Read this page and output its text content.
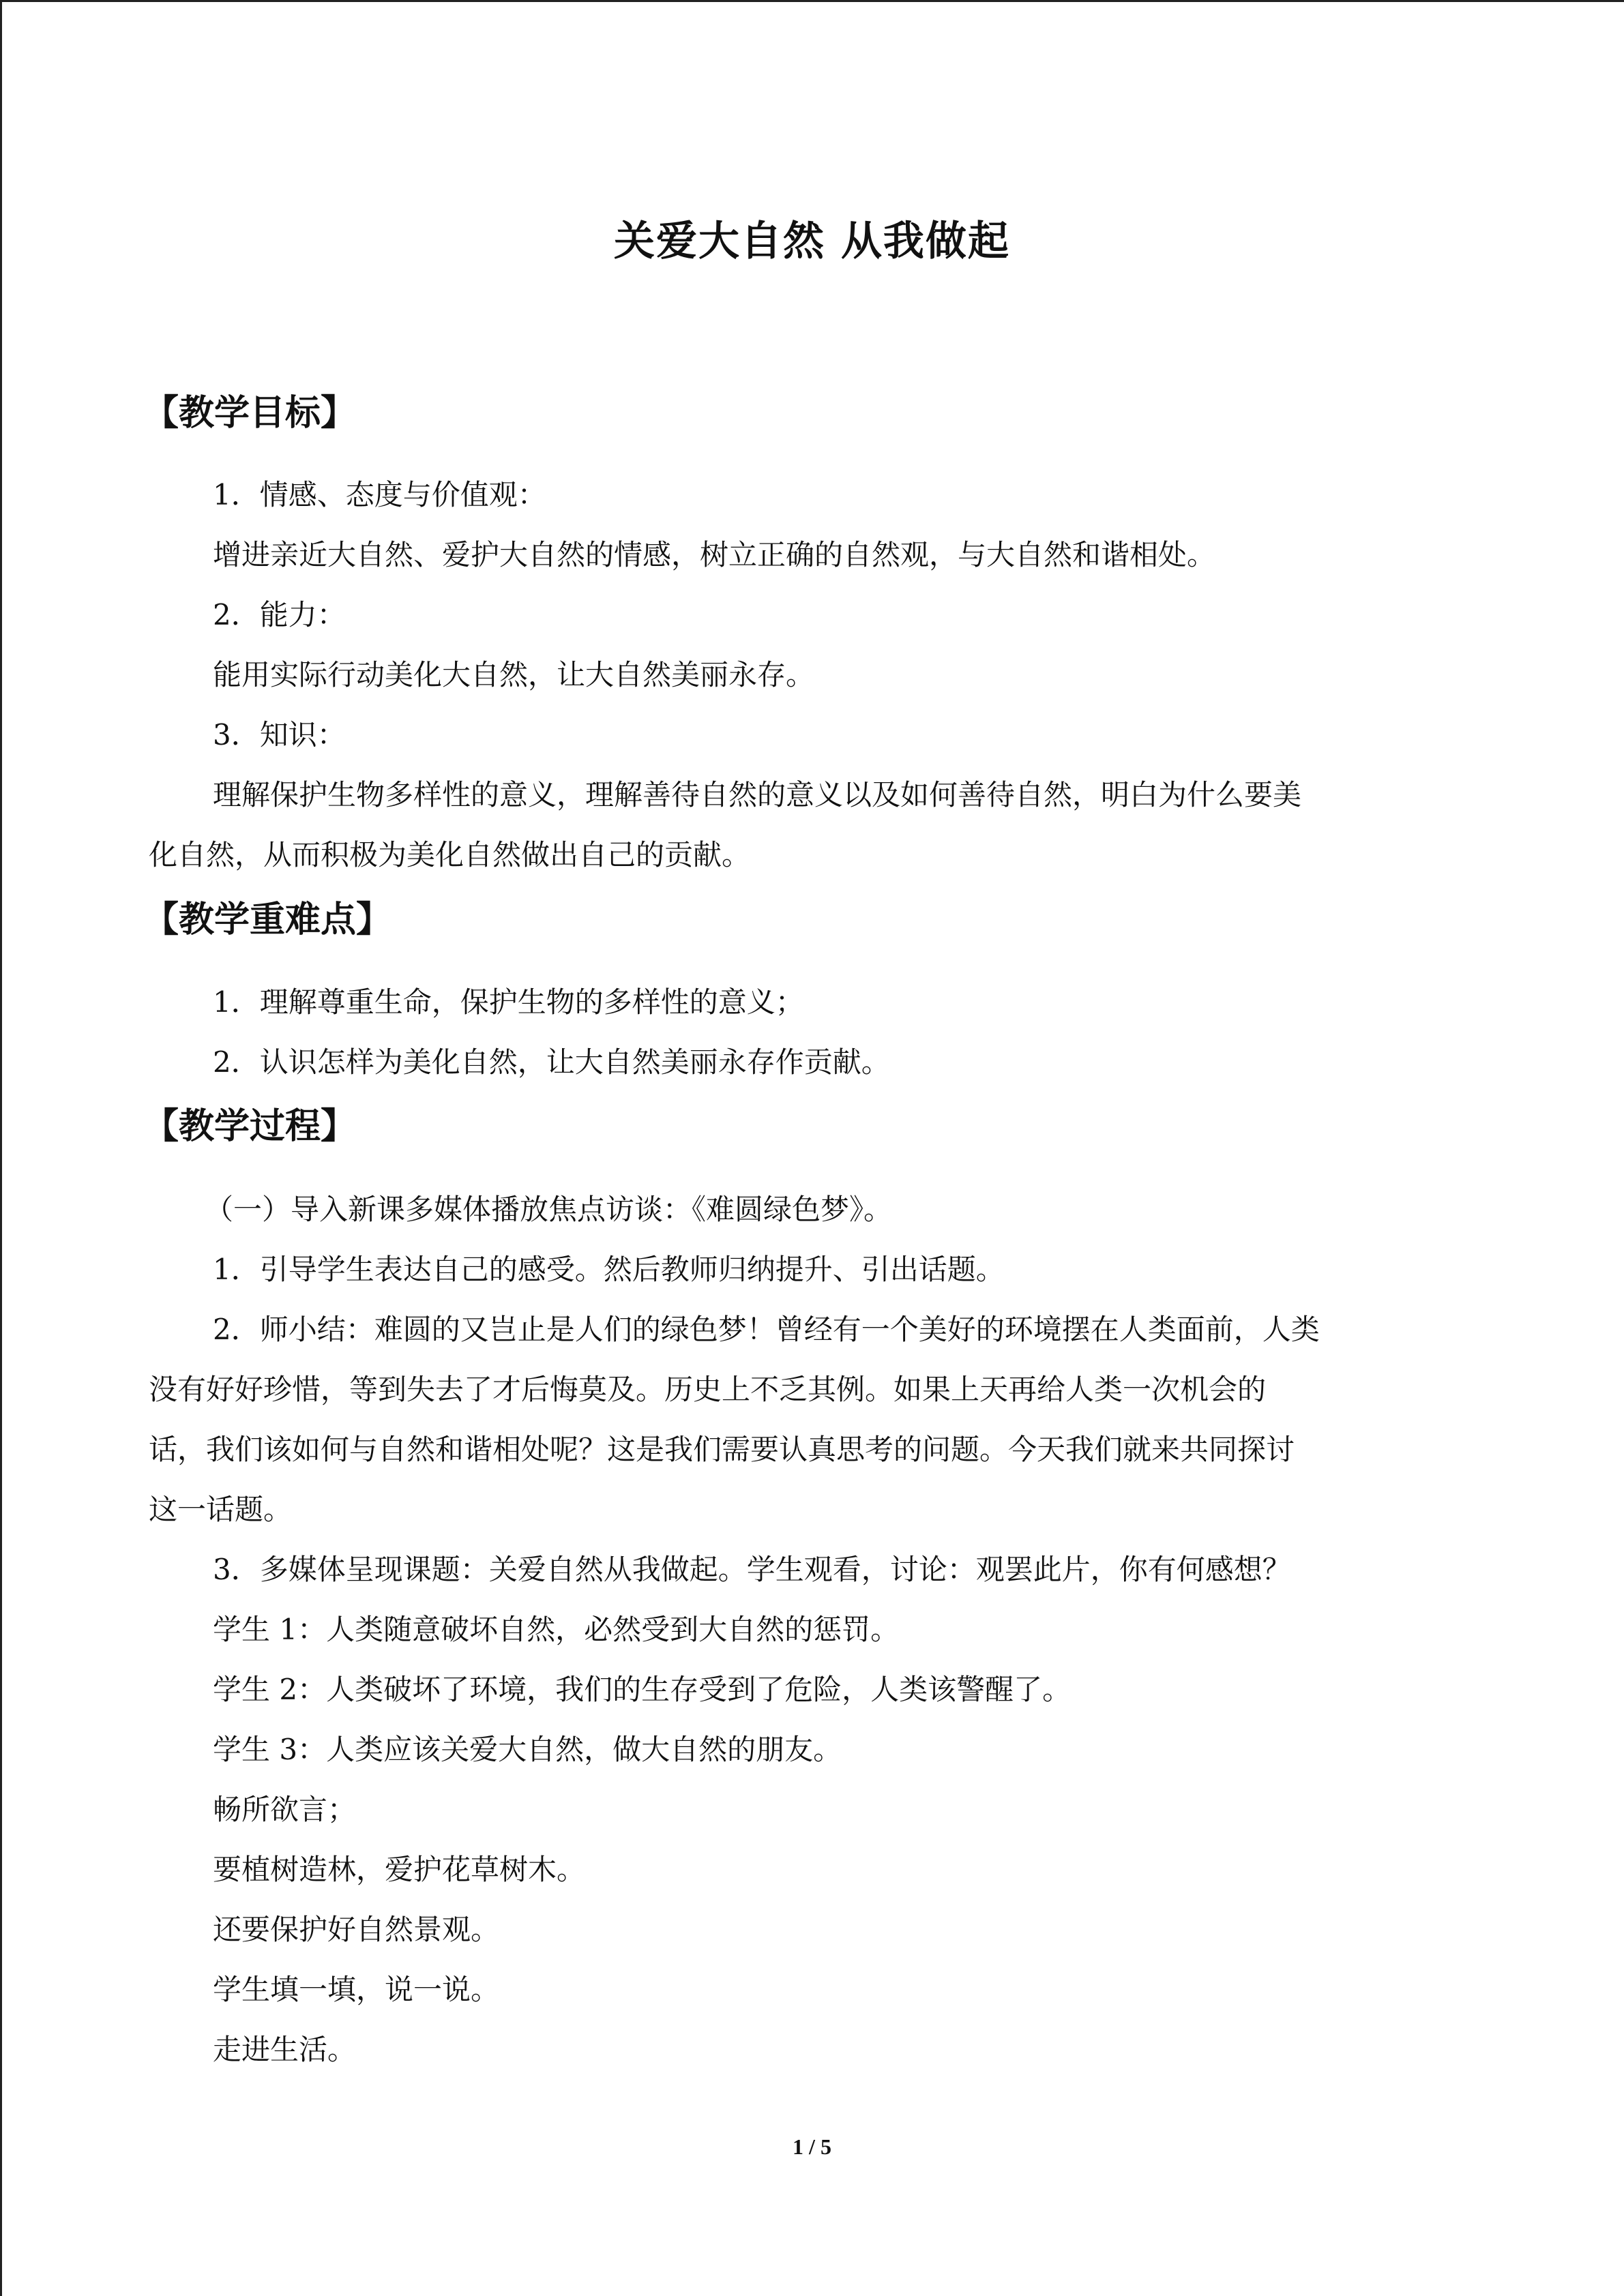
关爱大自然 从我做起
【教学目标】
1．情感、态度与价值观：
增进亲近大自然、爱护大自然的情感，树立正确的自然观，与大自然和谐相处。
2．能力：
能用实际行动美化大自然，让大自然美丽永存。
3．知识：
理解保护生物多样性的意义，理解善待自然的意义以及如何善待自然，明白为什么要美
化自然，从而积极为美化自然做出自己的贡献。
【教学重难点】
1．理解尊重生命，保护生物的多样性的意义；
2．认识怎样为美化自然，让大自然美丽永存作贡献。
【教学过程】
（一）导入新课多媒体播放焦点访谈：《难圆绿色梦》。
1．引导学生表达自己的感受。然后教师归纳提升、引出话题。
2．师小结：难圆的又岂止是人们的绿色梦！曾经有一个美好的环境摆在人类面前，人类
没有好好珍惜，等到失去了才后悔莫及。历史上不乏其例。如果上天再给人类一次机会的
话，我们该如何与自然和谐相处呢？这是我们需要认真思考的问题。今天我们就来共同探讨
这一话题。
3．多媒体呈现课题：关爱自然从我做起。学生观看，讨论：观罢此片，你有何感想？
学生 1：人类随意破坏自然，必然受到大自然的惩罚。
学生 2：人类破坏了环境，我们的生存受到了危险，人类该警醒了。
学生 3：人类应该关爱大自然，做大自然的朋友。
畅所欲言；
要植树造林，爱护花草树木。
还要保护好自然景观。
学生填一填，说一说。
走进生活。
1 / 5
